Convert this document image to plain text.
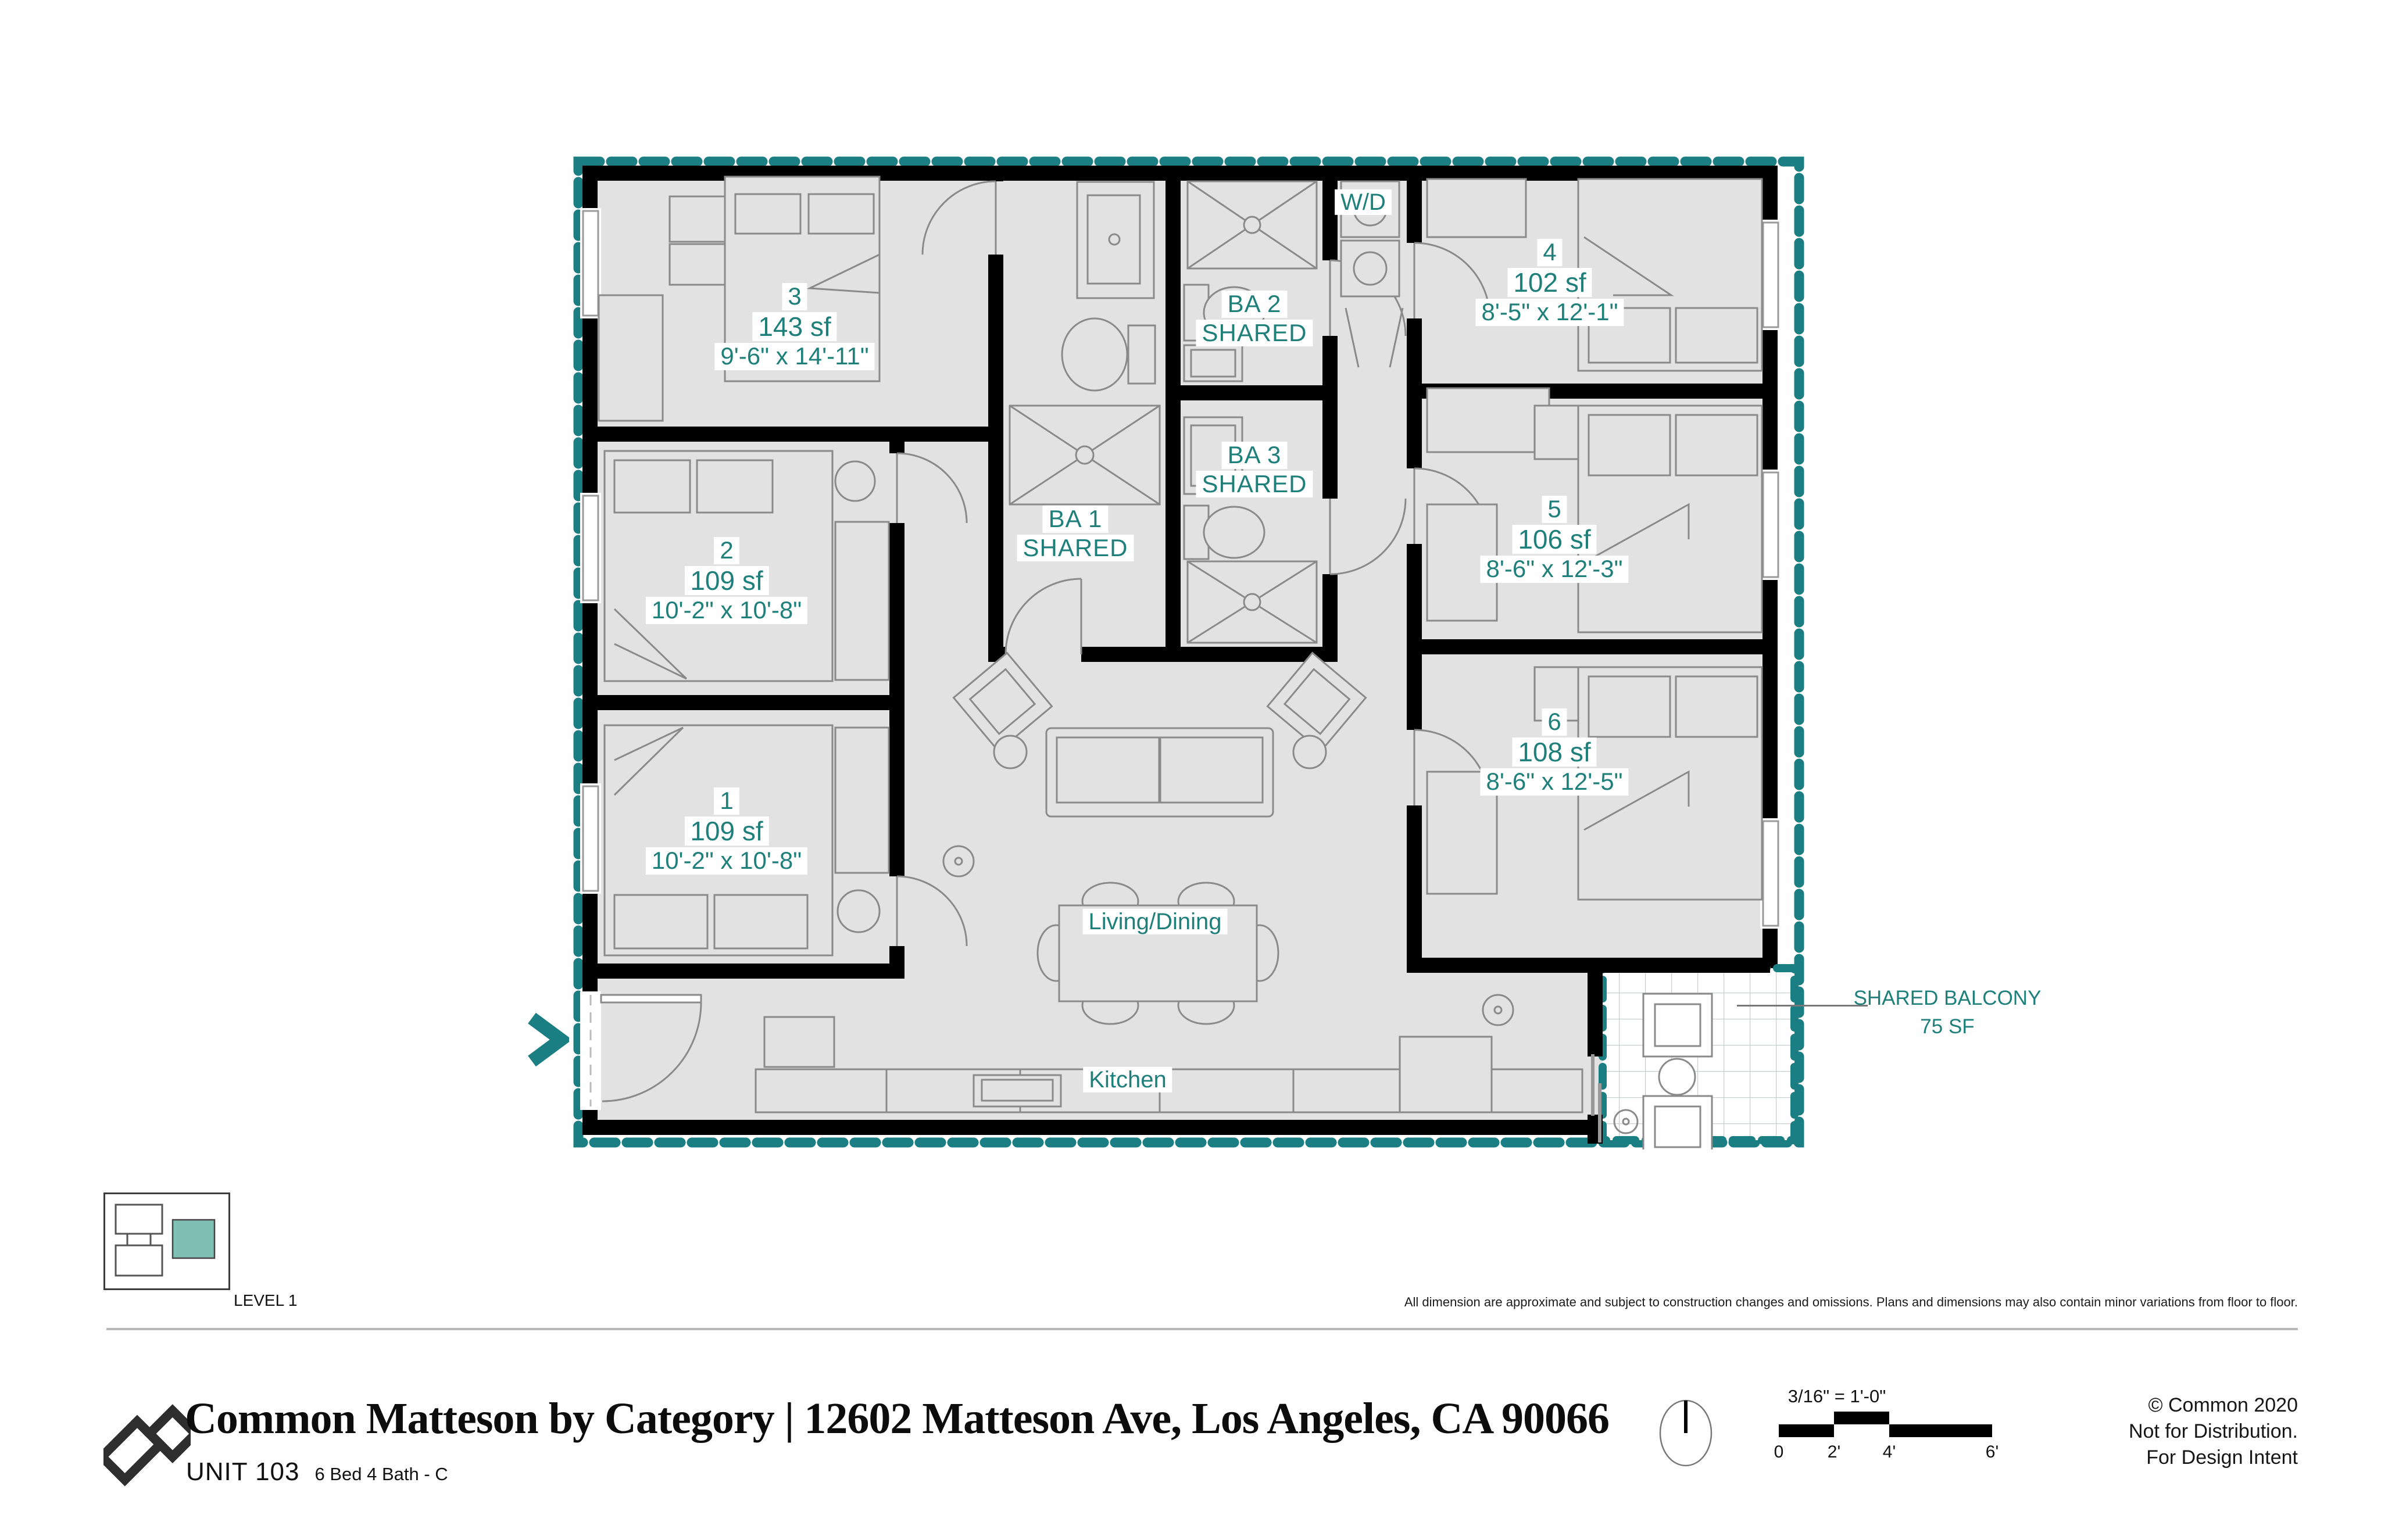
3
143 sf
9'-6" x 14'-11"
2
109 sf
10'-2" x 10'-8"
1
109 sf
10'-2" x 10'-8"
4
102 sf
8'-5" x 12'-1"
5
106 sf
8'-6" x 12'-3"
6
108 sf
8'-6" x 12'-5"
BA 1
SHARED
BA 2
SHARED
BA 3
SHARED
W/D
Living/Dining
Kitchen
SHARED BALCONY
75 SF
LEVEL 1	All dimension are approximate and subject to construction changes and omissions. Plans and dimensions may also contain minor variations from floor to floor.
Common Matteson by Category | 12602 Matteson Ave, Los Angeles, CA 90066
UNIT 103 6 Bed 4 Bath - C
3/16" = 1'-0"
0	2' 4'	6'
© Common 2020
Not for Distribution.
For Design Intent
